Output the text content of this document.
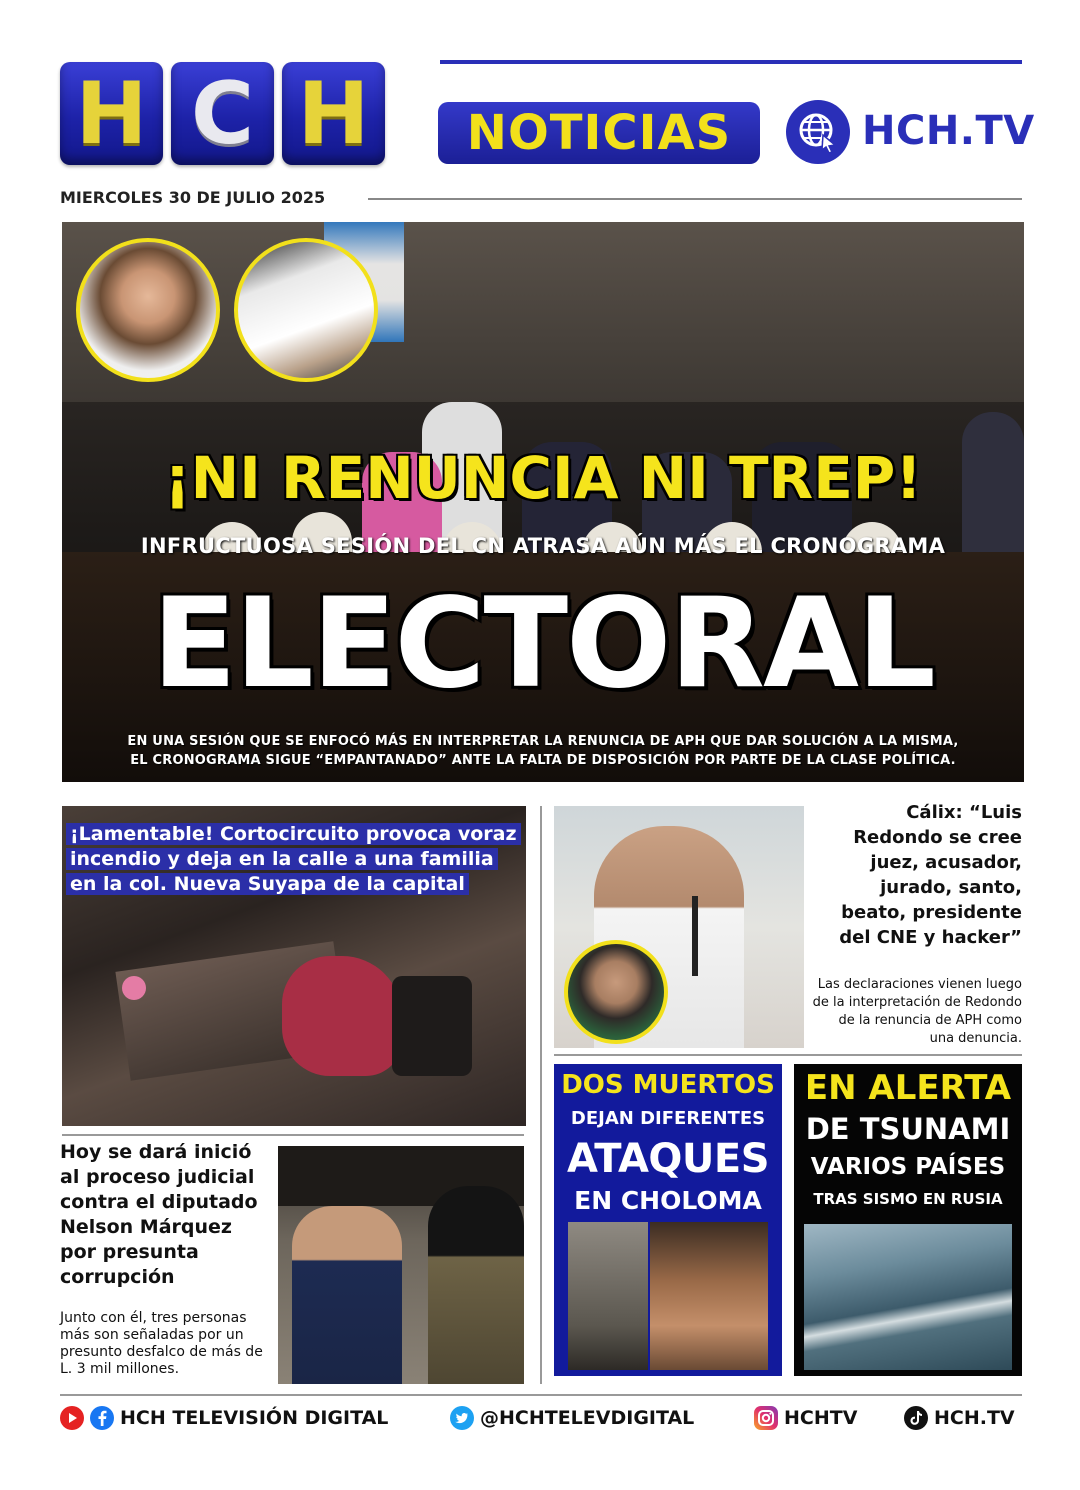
H C H NOTICIAS	HCH.TV
MIERCOLES 30 DE JULIO 2025
¡NI RENUNCIA NI TREP!
INFRUCTUOSA SESIÓN DEL CN ATRASA AÚN MÁS EL CRONOGRAMA
ELECTORAL
EN UNA SESIÓN QUE SE ENFOCÓ MÁS EN INTERPRETAR LA RENUNCIA DE APH QUE DAR SOLUCIÓN A LA MISMA,
EL CRONOGRAMA SIGUE “EMPANTANADO” ANTE LA FALTA DE DISPOSICIÓN POR PARTE DE LA CLASE POLÍTICA.
¡Lamentable! Cortocircuito provoca voraz incendio y deja en la calle a una familia en la col. Nueva Suyapa de la capital
Hoy se dará inició al proceso judicial contra el diputado Nelson Márquez por presunta corrupción
Junto con él, tres personas más son señaladas por un presunto desfalco de más de L. 3 mil millones.
Cálix: “Luis Redondo se cree juez, acusador, jurado, santo, beato, presidente del CNE y hacker”
Las declaraciones vienen luego de la interpretación de Redondo de la renuncia de APH como una denuncia.
DOS MUERTOS
DEJAN DIFERENTES
ATAQUES
EN CHOLOMA
EN ALERTA
DE TSUNAMI
VARIOS PAÍSES
TRAS SISMO EN RUSIA
HCH TELEVISIÓN DIGITAL	@HCHTELEVDIGITAL	HCHTV	HCH.TV
